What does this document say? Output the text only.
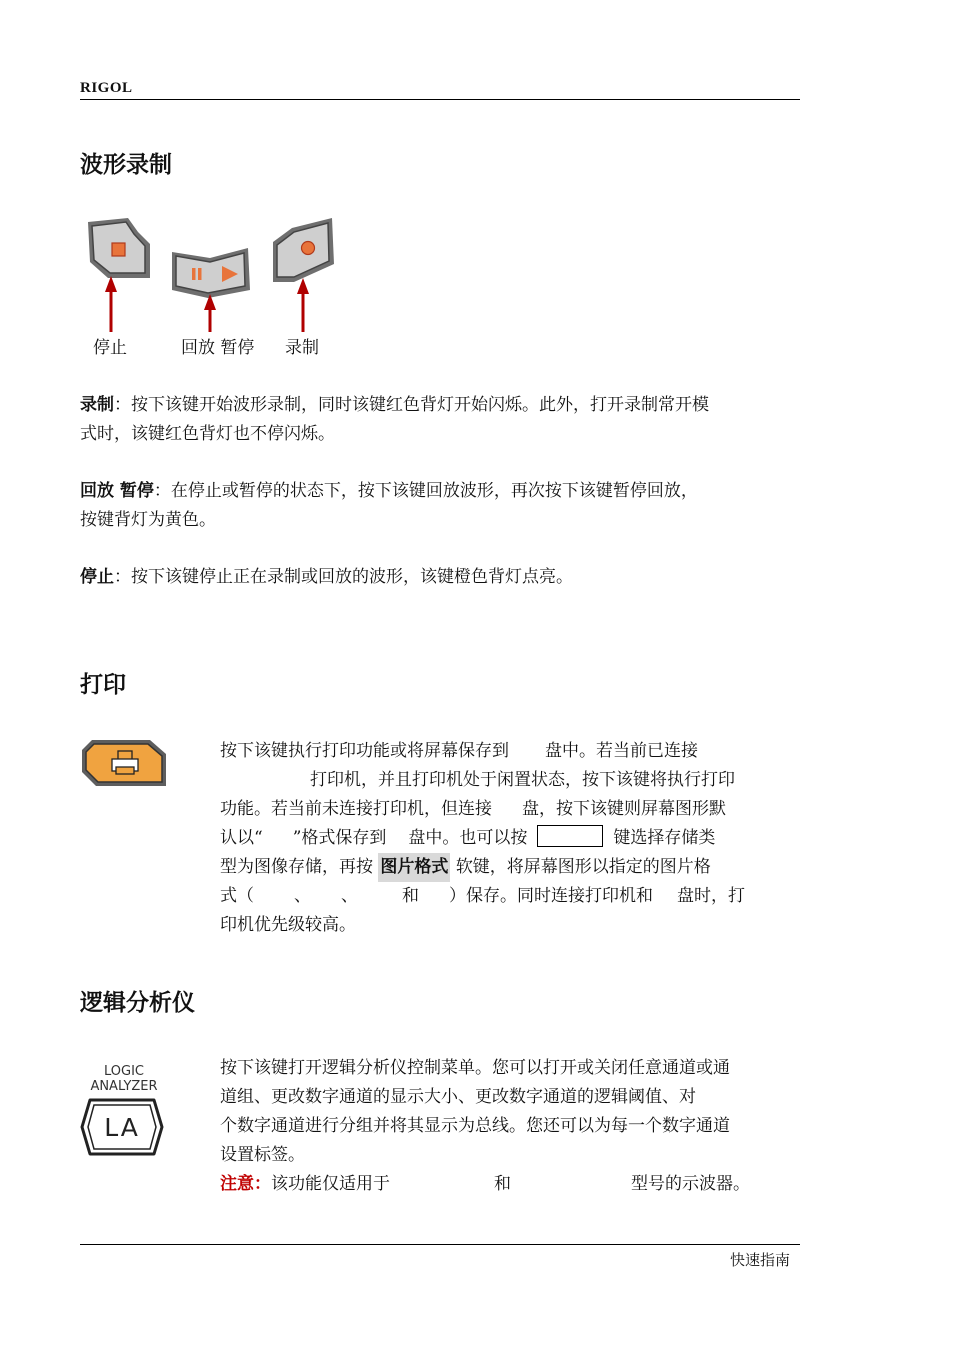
RIGOL
波形录制
停止	回放 暂停 录制
录制：按下该键开始波形录制，同时该键红色背灯开始闪烁。此外，打开录制常开模
式时，该键红色背灯也不停闪烁。
回放 暂停：在停止或暂停的状态下，按下该键回放波形，再次按下该键暂停回放，
按键背灯为黄色。
停止：按下该键停止正在录制或回放的波形，该键橙色背灯点亮。
打印
按下该键执行打印功能或将屏幕保存到 盘中。若当前已连接
打印机，并且打印机处于闲置状态，按下该键将执行打印
功能。若当前未连接打印机，但连接 盘，按下该键则屏幕图形默
认以“ ”格式保存到 盘中。也可以按	键选择存储类
型为图像存储，再按 图片格式 软键，将屏幕图形以指定的图片格
式（ 、 、	和 ）保存。同时连接打印机和 盘时，打
印机优先级较高。
逻辑分析仪
LOGIC
ANALYZER
LA
按下该键打开逻辑分析仪控制菜单。您可以打开或关闭任意通道或通
道组、更改数字通道的显示大小、更改数字通道的逻辑阈值、对
个数字通道进行分组并将其显示为总线。您还可以为每一个数字通道
设置标签。
注意：该功能仅适用于	和	型号的示波器。
快速指南
